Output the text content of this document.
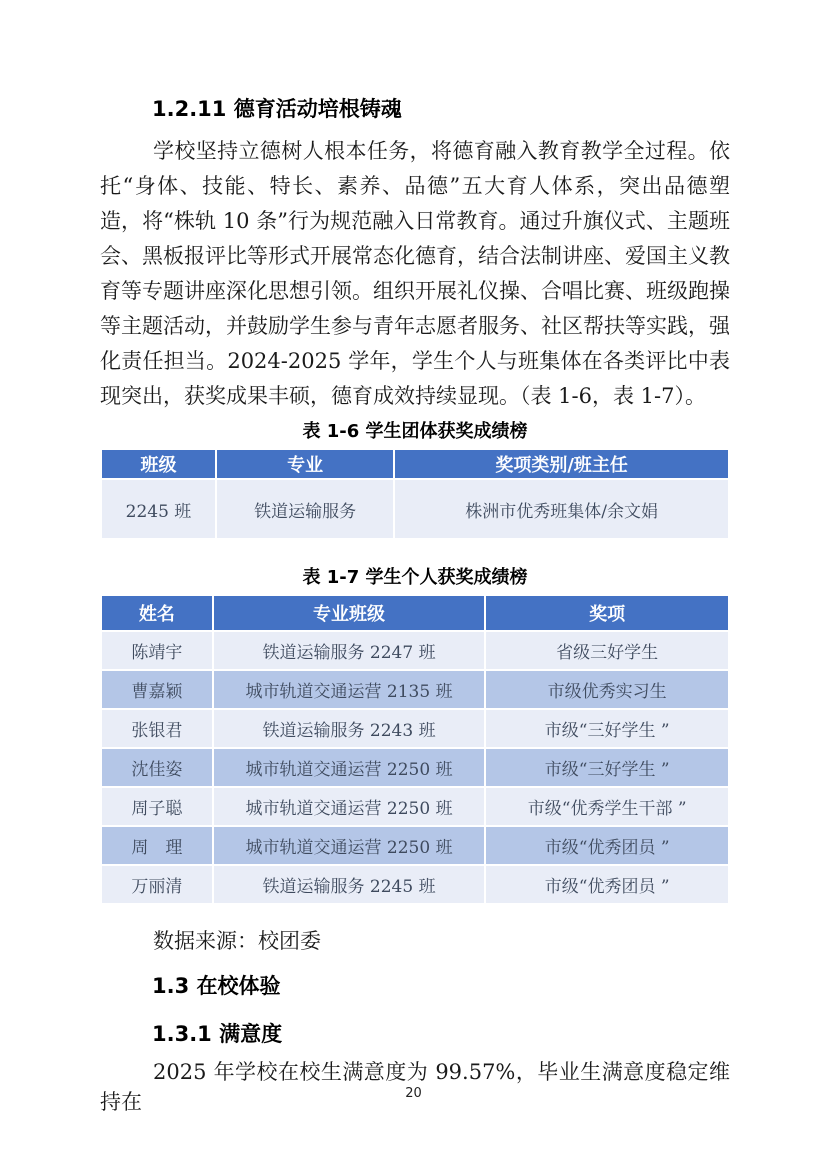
1.2.11 德育活动培根铸魂
学校坚持立德树人根本任务，将德育融入教育教学全过程。依托“身体、技能、特长、素养、品德”五大育人体系，突出品德塑造，将“株轨 10 条”行为规范融入日常教育。通过升旗仪式、主题班会、黑板报评比等形式开展常态化德育，结合法制讲座、爱国主义教育等专题讲座深化思想引领。组织开展礼仪操、合唱比赛、班级跑操等主题活动，并鼓励学生参与青年志愿者服务、社区帮扶等实践，强化责任担当。2024-2025 学年，学生个人与班集体在各类评比中表现突出，获奖成果丰硕，德育成效持续显现。（表 1-6，表 1-7）。
表 1-6 学生团体获奖成绩榜
班级	专业	奖项类别/班主任
2245 班	铁道运输服务	株洲市优秀班集体/余文娟
表 1-7 学生个人获奖成绩榜
姓名	专业班级	奖项
陈靖宇	铁道运输服务 2247 班	省级三好学生
曹嘉颖	城市轨道交通运营 2135 班	市级优秀实习生
张银君	铁道运输服务 2243 班	市级“三好学生 ”
沈佳姿	城市轨道交通运营 2250 班	市级“三好学生 ”
周子聪	城市轨道交通运营 2250 班	市级“优秀学生干部 ”
周　理	城市轨道交通运营 2250 班	市级“优秀团员 ”
万丽清	铁道运输服务 2245 班	市级“优秀团员 ”
数据来源：校团委
1.3 在校体验
1.3.1 满意度
2025 年学校在校生满意度为 99.57%，毕业生满意度稳定维持在	20
